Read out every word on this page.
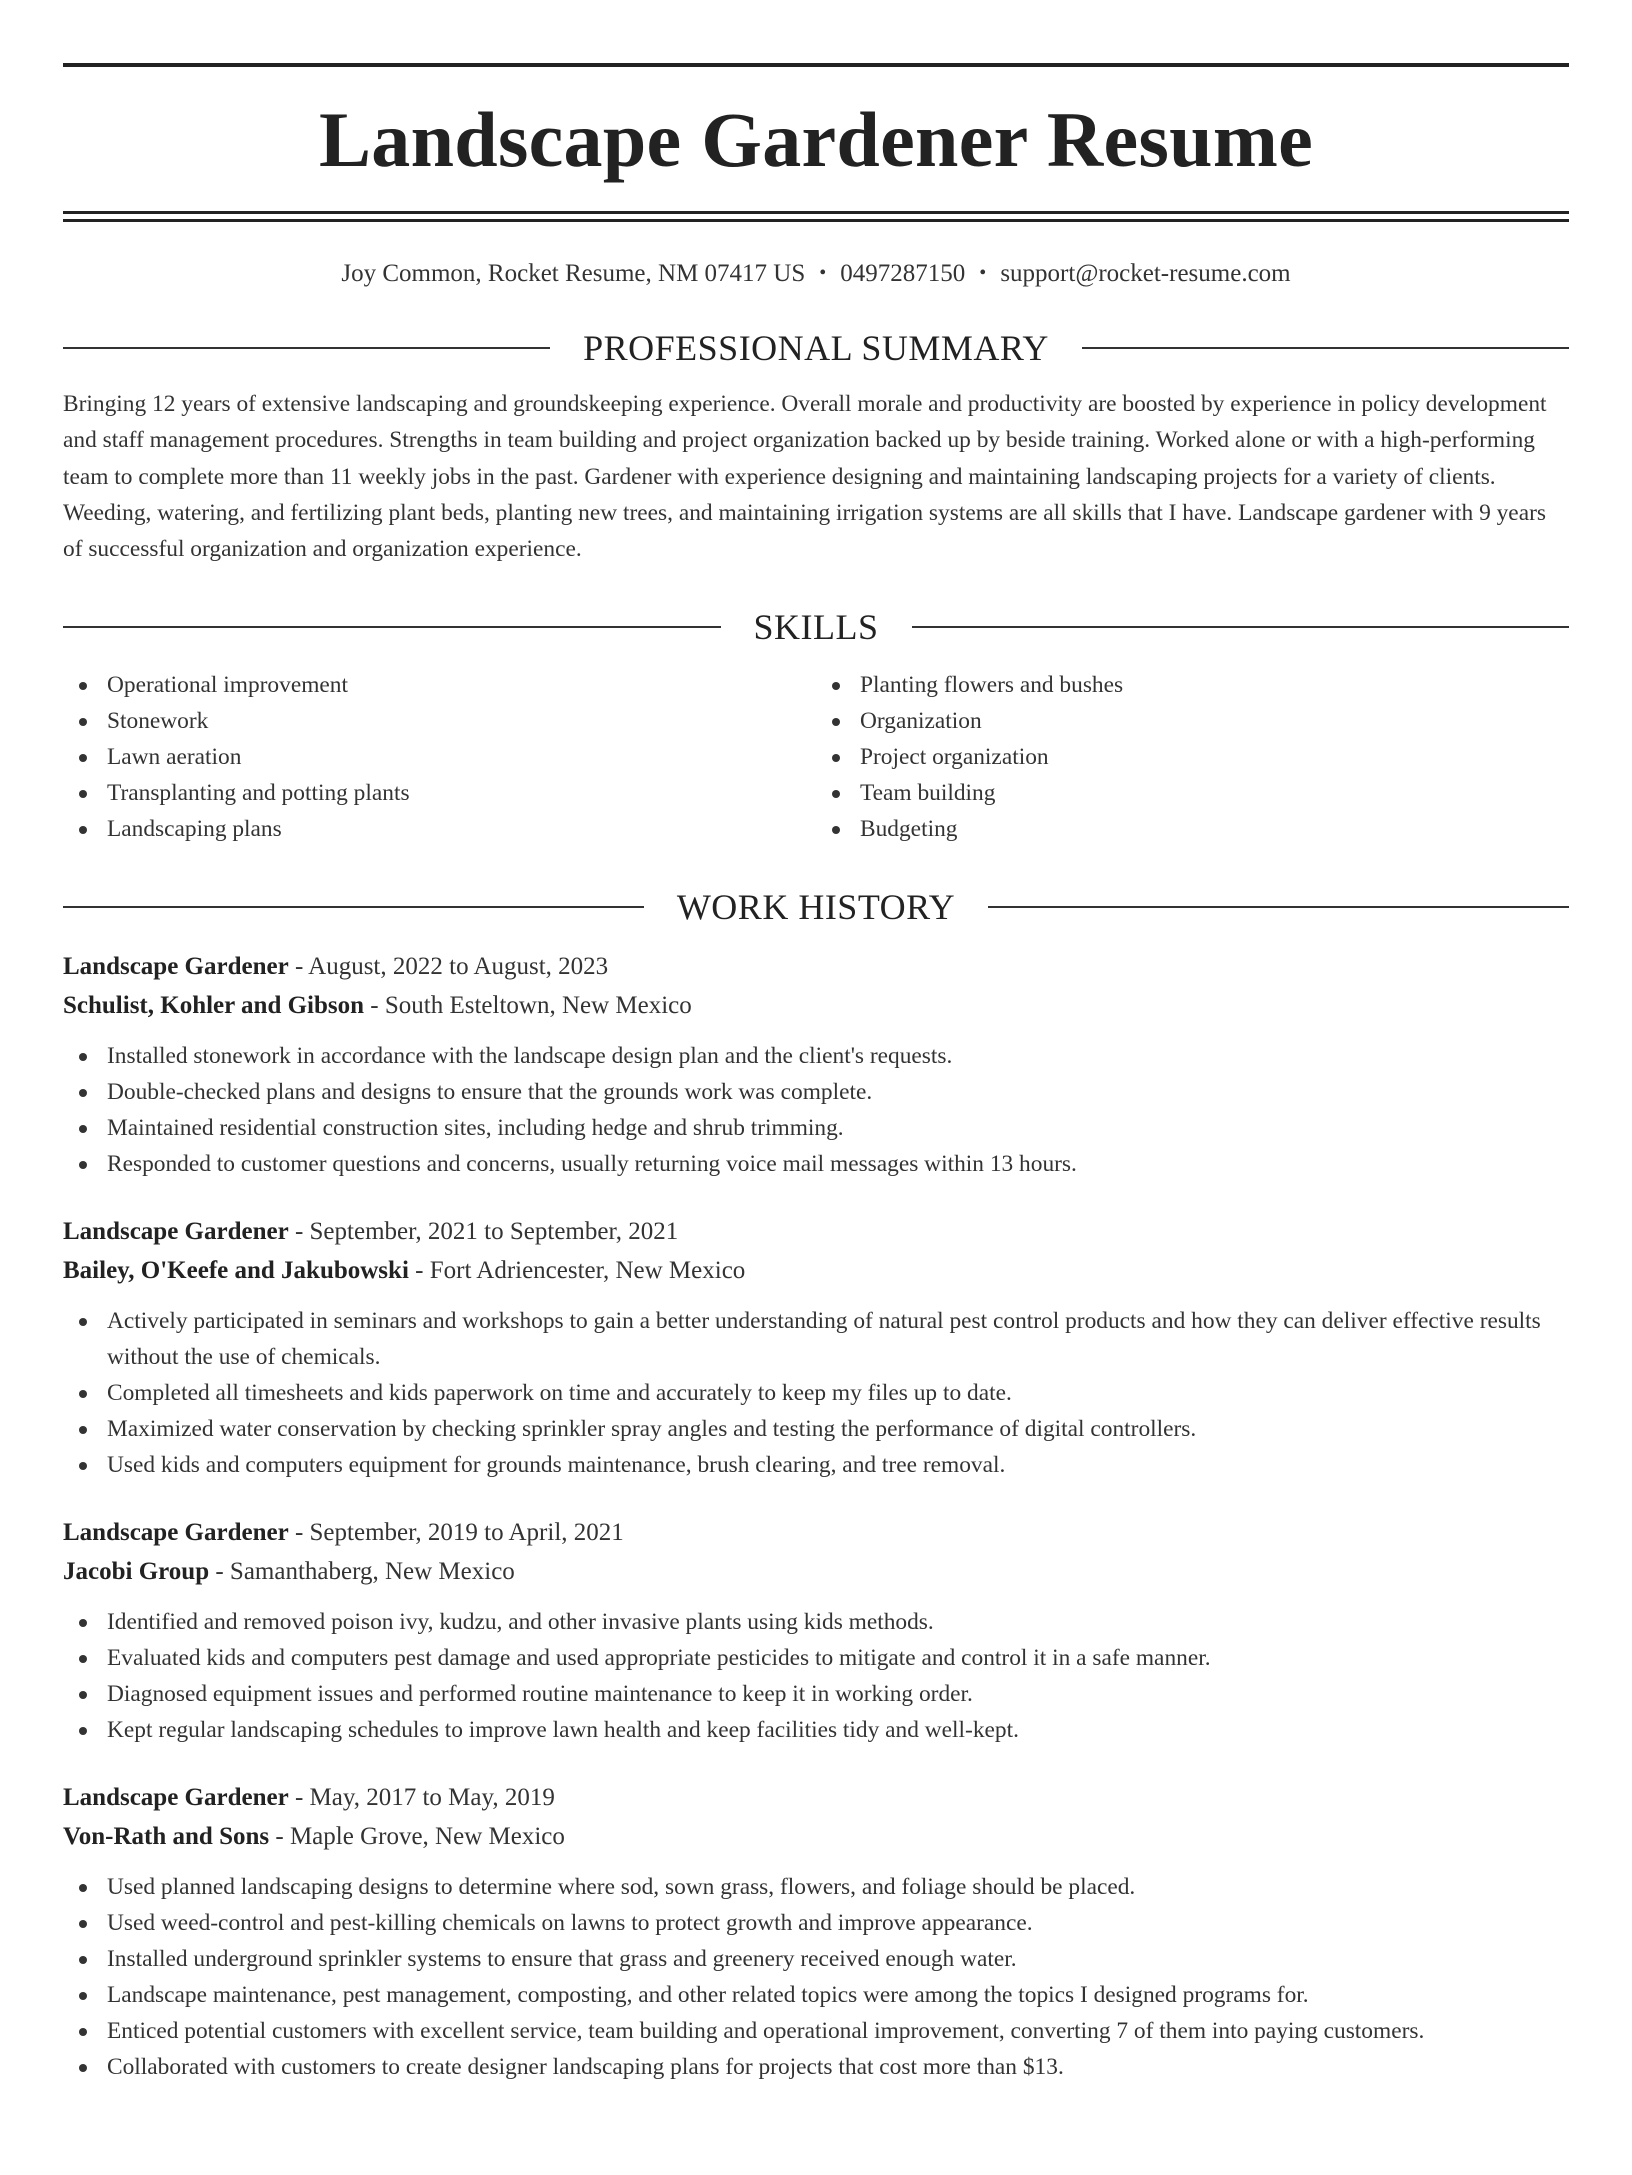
Landscape Gardener Resume
Joy Common, Rocket Resume, NM 07417 US • 0497287150 • support@rocket-resume.com
PROFESSIONAL SUMMARY
Bringing 12 years of extensive landscaping and groundskeeping experience. Overall morale and productivity are boosted by experience in policy development and staff management procedures. Strengths in team building and project organization backed up by beside training. Worked alone or with a high-performing team to complete more than 11 weekly jobs in the past. Gardener with experience designing and maintaining landscaping projects for a variety of clients. Weeding, watering, and fertilizing plant beds, planting new trees, and maintaining irrigation systems are all skills that I have. Landscape gardener with 9 years of successful organization and organization experience.
SKILLS
Operational improvement
Stonework
Lawn aeration
Transplanting and potting plants
Landscaping plans
Planting flowers and bushes
Organization
Project organization
Team building
Budgeting
WORK HISTORY
Landscape Gardener - August, 2022 to August, 2023
Schulist, Kohler and Gibson - South Esteltown, New Mexico
Installed stonework in accordance with the landscape design plan and the client's requests.
Double-checked plans and designs to ensure that the grounds work was complete.
Maintained residential construction sites, including hedge and shrub trimming.
Responded to customer questions and concerns, usually returning voice mail messages within 13 hours.
Landscape Gardener - September, 2021 to September, 2021
Bailey, O'Keefe and Jakubowski - Fort Adriencester, New Mexico
Actively participated in seminars and workshops to gain a better understanding of natural pest control products and how they can deliver effective results without the use of chemicals.
Completed all timesheets and kids paperwork on time and accurately to keep my files up to date.
Maximized water conservation by checking sprinkler spray angles and testing the performance of digital controllers.
Used kids and computers equipment for grounds maintenance, brush clearing, and tree removal.
Landscape Gardener - September, 2019 to April, 2021
Jacobi Group - Samanthaberg, New Mexico
Identified and removed poison ivy, kudzu, and other invasive plants using kids methods.
Evaluated kids and computers pest damage and used appropriate pesticides to mitigate and control it in a safe manner.
Diagnosed equipment issues and performed routine maintenance to keep it in working order.
Kept regular landscaping schedules to improve lawn health and keep facilities tidy and well-kept.
Landscape Gardener - May, 2017 to May, 2019
Von-Rath and Sons - Maple Grove, New Mexico
Used planned landscaping designs to determine where sod, sown grass, flowers, and foliage should be placed.
Used weed-control and pest-killing chemicals on lawns to protect growth and improve appearance.
Installed underground sprinkler systems to ensure that grass and greenery received enough water.
Landscape maintenance, pest management, composting, and other related topics were among the topics I designed programs for.
Enticed potential customers with excellent service, team building and operational improvement, converting 7 of them into paying customers.
Collaborated with customers to create designer landscaping plans for projects that cost more than $13.
